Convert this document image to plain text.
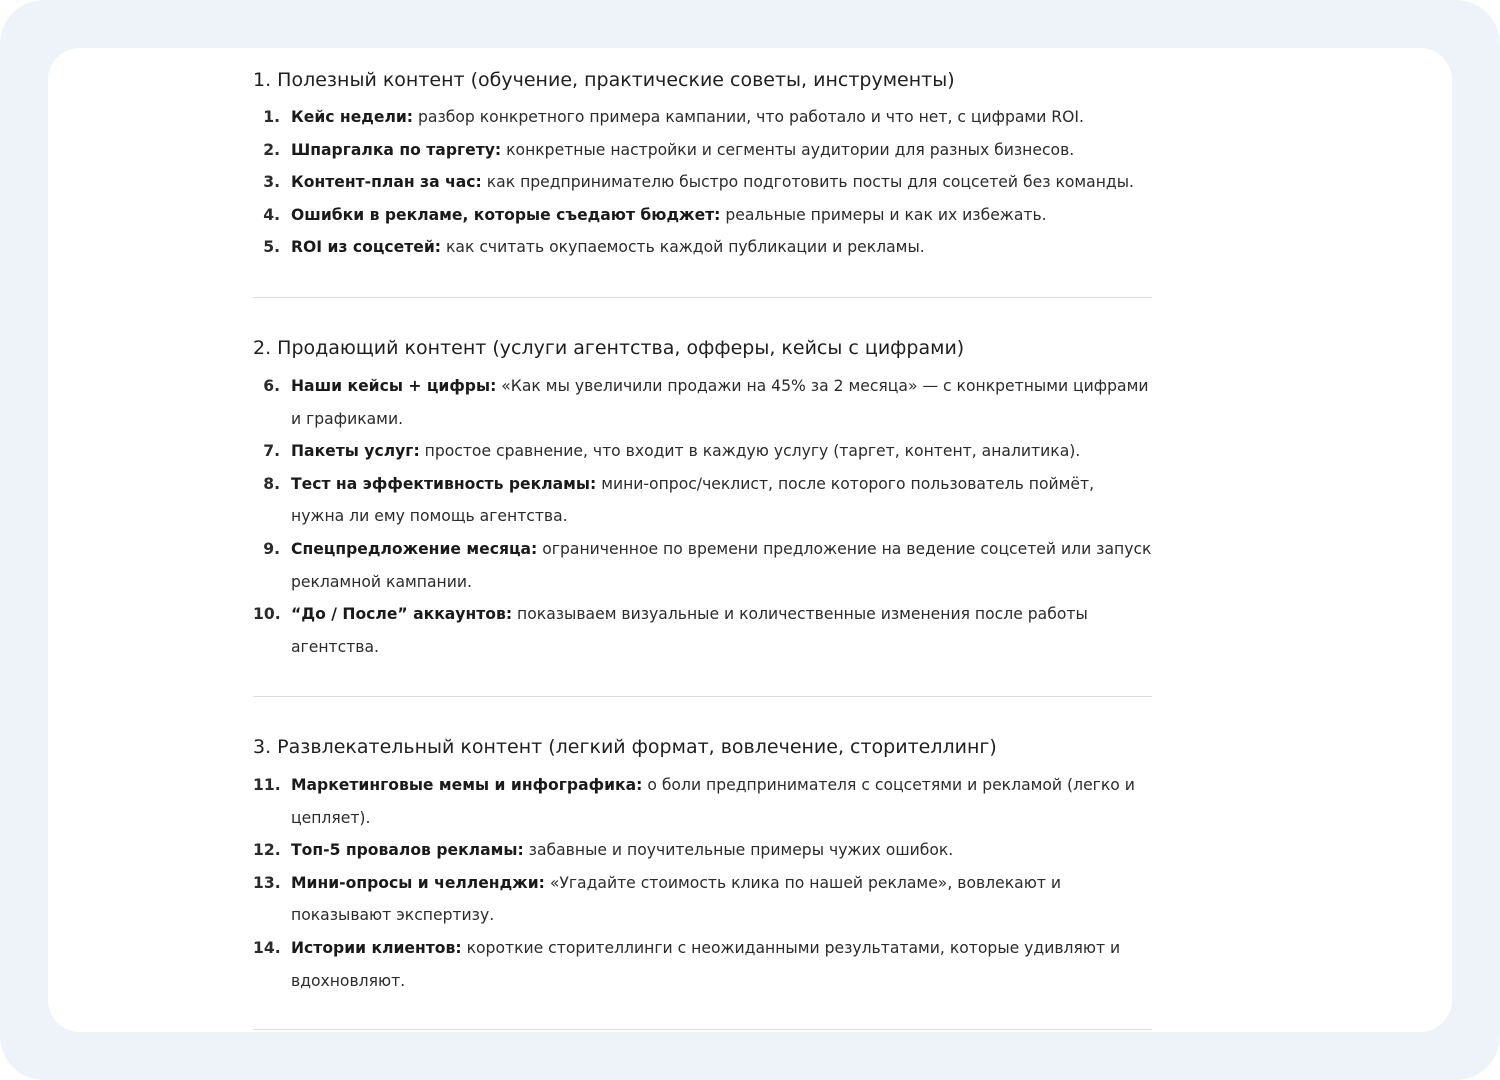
1. Полезный контент (обучение, практические советы, инструменты)
1. Кейс недели: разбор конкретного примера кампании, что работало и что нет, с цифрами ROI.
2. Шпаргалка по таргету: конкретные настройки и сегменты аудитории для разных бизнесов.
3. Контент-план за час: как предпринимателю быстро подготовить посты для соцсетей без команды.
4. Ошибки в рекламе, которые съедают бюджет: реальные примеры и как их избежать.
5. ROI из соцсетей: как считать окупаемость каждой публикации и рекламы.
2. Продающий контент (услуги агентства, офферы, кейсы с цифрами)
6. Наши кейсы + цифры: «Как мы увеличили продажи на 45% за 2 месяца» — с конкретными цифрами и графиками.
7. Пакеты услуг: простое сравнение, что входит в каждую услугу (таргет, контент, аналитика).
8. Тест на эффективность рекламы: мини-опрос/чеклист, после которого пользователь поймёт, нужна ли ему помощь агентства.
9. Спецпредложение месяца: ограниченное по времени предложение на ведение соцсетей или запуск рекламной кампании.
10. “До / После” аккаунтов: показываем визуальные и количественные изменения после работы агентства.
3. Развлекательный контент (легкий формат, вовлечение, сторителлинг)
11. Маркетинговые мемы и инфографика: о боли предпринимателя с соцсетями и рекламой (легко и цепляет).
12. Топ-5 провалов рекламы: забавные и поучительные примеры чужих ошибок.
13. Мини-опросы и челленджи: «Угадайте стоимость клика по нашей рекламе», вовлекают и показывают экспертизу.
14. Истории клиентов: короткие сторителлинги с неожиданными результатами, которые удивляют и вдохновляют.
